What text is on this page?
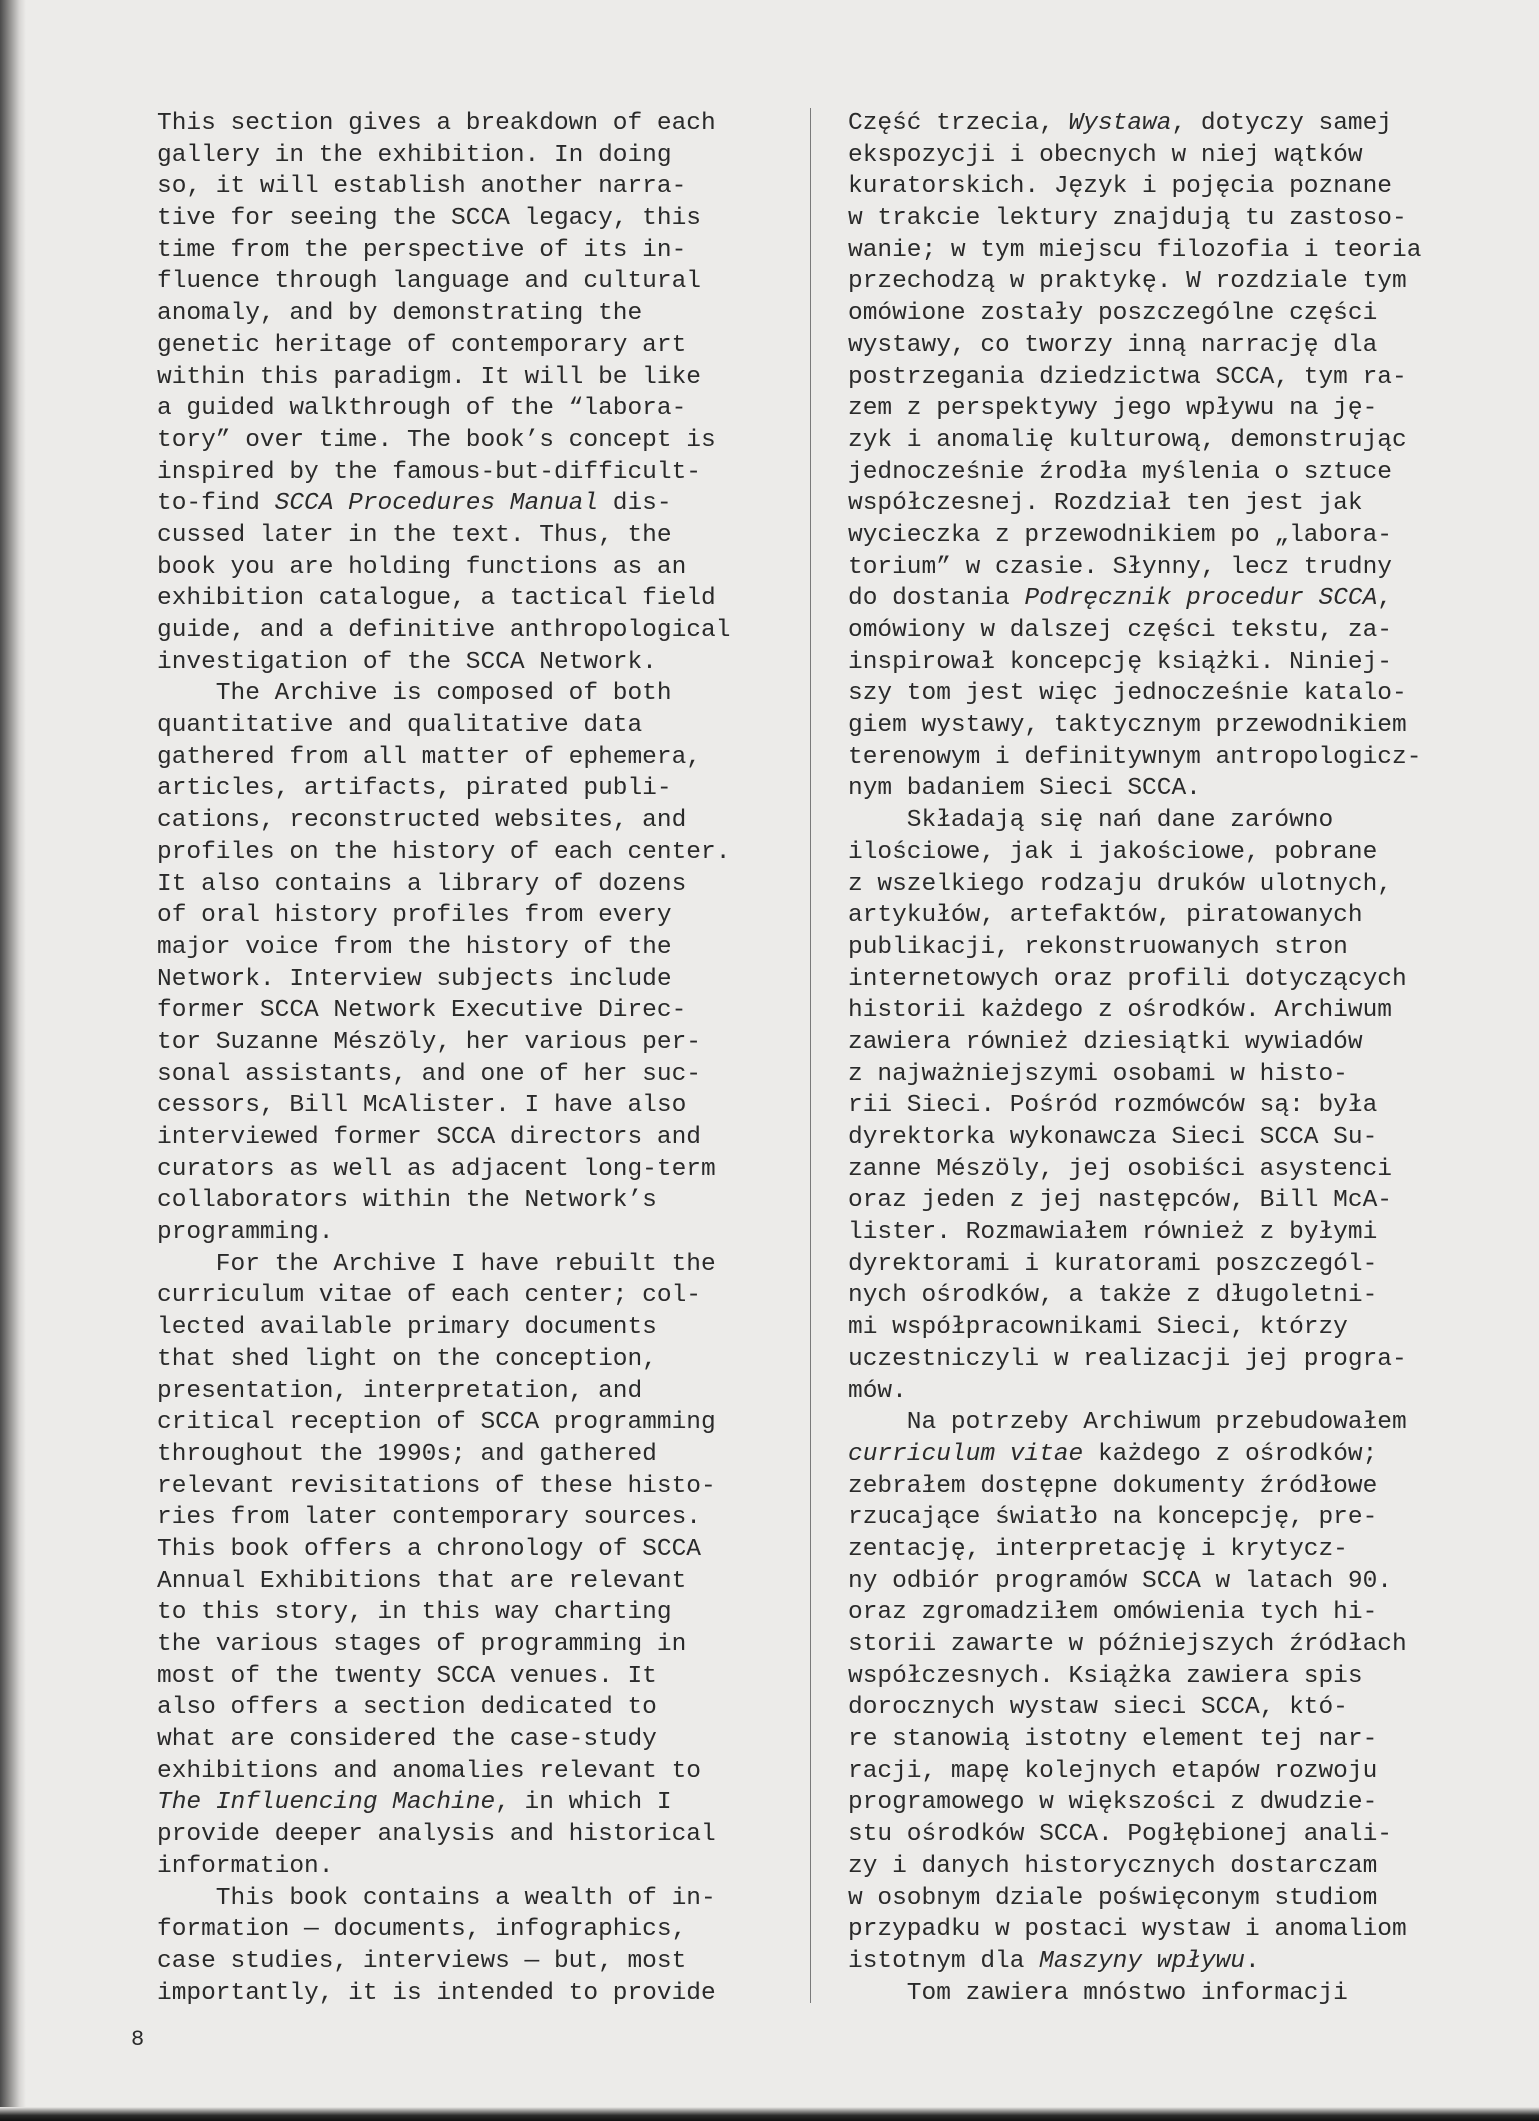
This section gives a breakdown of each
gallery in the exhibition. In doing
so, it will establish another narra-
tive for seeing the SCCA legacy, this
time from the perspective of its in-
fluence through language and cultural
anomaly, and by demonstrating the
genetic heritage of contemporary art
within this paradigm. It will be like
a guided walkthrough of the “labora-
tory” over time. The book’s concept is
inspired by the famous-but-difficult-
to-find SCCA Procedures Manual dis-
cussed later in the text. Thus, the
book you are holding functions as an
exhibition catalogue, a tactical field
guide, and a definitive anthropological
investigation of the SCCA Network.
The Archive is composed of both
quantitative and qualitative data
gathered from all matter of ephemera,
articles, artifacts, pirated publi-
cations, reconstructed websites, and
profiles on the history of each center.
It also contains a library of dozens
of oral history profiles from every
major voice from the history of the
Network. Interview subjects include
former SCCA Network Executive Direc-
tor Suzanne Mészöly, her various per-
sonal assistants, and one of her suc-
cessors, Bill McAlister. I have also
interviewed former SCCA directors and
curators as well as adjacent long-term
collaborators within the Network’s
programming.
For the Archive I have rebuilt the
curriculum vitae of each center; col-
lected available primary documents
that shed light on the conception,
presentation, interpretation, and
critical reception of SCCA programming
throughout the 1990s; and gathered
relevant revisitations of these histo-
ries from later contemporary sources.
This book offers a chronology of SCCA
Annual Exhibitions that are relevant
to this story, in this way charting
the various stages of programming in
most of the twenty SCCA venues. It
also offers a section dedicated to
what are considered the case-study
exhibitions and anomalies relevant to
The Influencing Machine, in which I
provide deeper analysis and historical
information.
This book contains a wealth of in-
formation — documents, infographics,
case studies, interviews — but, most
importantly, it is intended to provide
Część trzecia, Wystawa, dotyczy samej
ekspozycji i obecnych w niej wątków
kuratorskich. Język i pojęcia poznane
w trakcie lektury znajdują tu zastoso-
wanie; w tym miejscu filozofia i teoria
przechodzą w praktykę. W rozdziale tym
omówione zostały poszczególne części
wystawy, co tworzy inną narrację dla
postrzegania dziedzictwa SCCA, tym ra-
zem z perspektywy jego wpływu na ję-
zyk i anomalię kulturową, demonstrując
jednocześnie źrodła myślenia o sztuce
współczesnej. Rozdział ten jest jak
wycieczka z przewodnikiem po „labora-
torium” w czasie. Słynny, lecz trudny
do dostania Podręcznik procedur SCCA,
omówiony w dalszej części tekstu, za-
inspirował koncepcję książki. Niniej-
szy tom jest więc jednocześnie katalo-
giem wystawy, taktycznym przewodnikiem
terenowym i definitywnym antropologicz-
nym badaniem Sieci SCCA.
Składają się nań dane zarówno
ilościowe, jak i jakościowe, pobrane
z wszelkiego rodzaju druków ulotnych,
artykułów, artefaktów, piratowanych
publikacji, rekonstruowanych stron
internetowych oraz profili dotyczących
historii każdego z ośrodków. Archiwum
zawiera również dziesiątki wywiadów
z najważniejszymi osobami w histo-
rii Sieci. Pośród rozmówców są: była
dyrektorka wykonawcza Sieci SCCA Su-
zanne Mészöly, jej osobiści asystenci
oraz jeden z jej następców, Bill McA-
lister. Rozmawiałem również z byłymi
dyrektorami i kuratorami poszczegól-
nych ośrodków, a także z długoletni-
mi współpracownikami Sieci, którzy
uczestniczyli w realizacji jej progra-
mów.
Na potrzeby Archiwum przebudowałem
curriculum vitae każdego z ośrodków;
zebrałem dostępne dokumenty źródłowe
rzucające światło na koncepcję, pre-
zentację, interpretację i krytycz-
ny odbiór programów SCCA w latach 90.
oraz zgromadziłem omówienia tych hi-
storii zawarte w późniejszych źródłach
współczesnych. Książka zawiera spis
dorocznych wystaw sieci SCCA, któ-
re stanowią istotny element tej nar-
racji, mapę kolejnych etapów rozwoju
programowego w większości z dwudzie-
stu ośrodków SCCA. Pogłębionej anali-
zy i danych historycznych dostarczam
w osobnym dziale poświęconym studiom
przypadku w postaci wystaw i anomaliom
istotnym dla Maszyny wpływu.
Tom zawiera mnóstwo informacji
8
